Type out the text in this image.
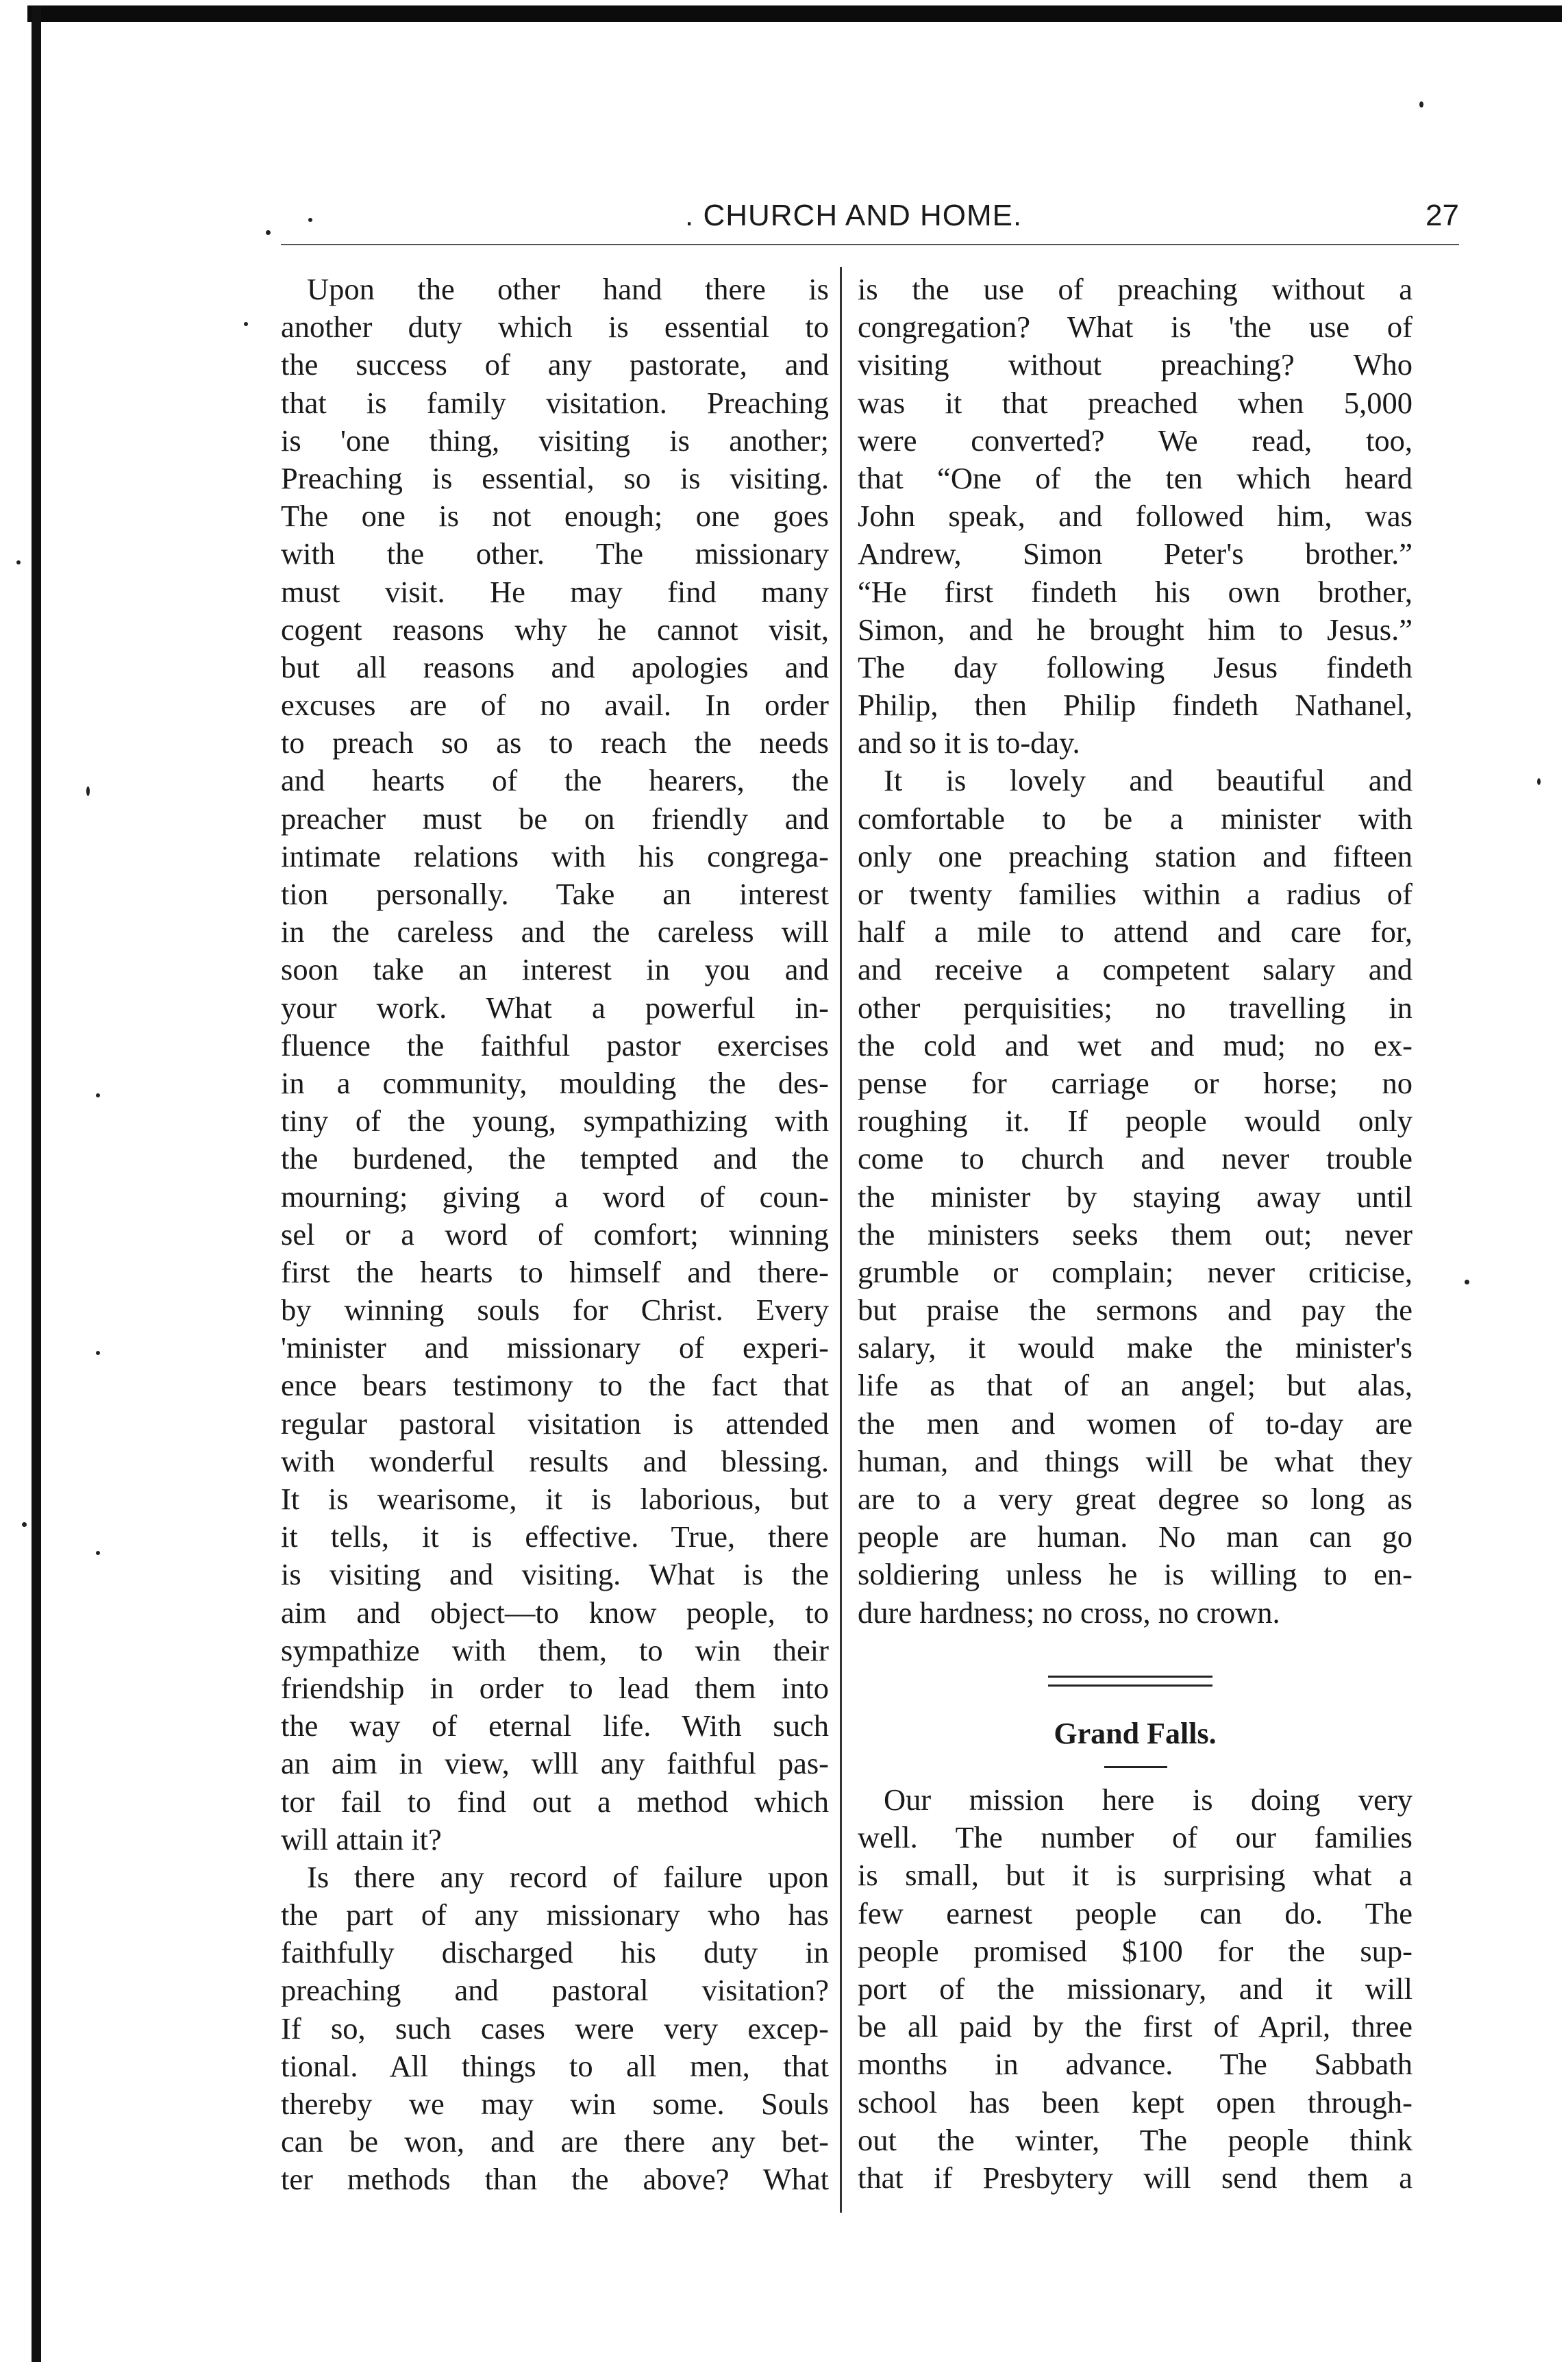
. CHURCH AND HOME.	27
Upon the other hand there is
another duty which is essential to
the success of any pastorate, and
that is family visitation. Preaching
is 'one thing, visiting is another;
Preaching is essential, so is visiting.
The one is not enough; one goes
with the other. The missionary
must visit. He may find many
cogent reasons why he cannot visit,
but all reasons and apologies and
excuses are of no avail. In order
to preach so as to reach the needs
and hearts of the hearers, the
preacher must be on friendly and
intimate relations with his congrega-
tion personally. Take an interest
in the careless and the careless will
soon take an interest in you and
your work. What a powerful in-
fluence the faithful pastor exercises
in a community, moulding the des-
tiny of the young, sympathizing with
the burdened, the tempted and the
mourning; giving a word of coun-
sel or a word of comfort; winning
first the hearts to himself and there-
by winning souls for Christ. Every
'minister and missionary of experi-
ence bears testimony to the fact that
regular pastoral visitation is attended
with wonderful results and blessing.
It is wearisome, it is laborious, but
it tells, it is effective. True, there
is visiting and visiting. What is the
aim and object—to know people, to
sympathize with them, to win their
friendship in order to lead them into
the way of eternal life. With such
an aim in view, wlll any faithful pas-
tor fail to find out a method which
will attain it?
Is there any record of failure upon
the part of any missionary who has
faithfully discharged his duty in
preaching and pastoral visitation?
If so, such cases were very excep-
tional. All things to all men, that
thereby we may win some. Souls
can be won, and are there any bet-
ter methods than the above? What
is the use of preaching without a
congregation? What is 'the use of
visiting without preaching? Who
was it that preached when 5,000
were converted? We read, too,
that “One of the ten which heard
John speak, and followed him, was
Andrew, Simon Peter's brother.”
“He first findeth his own brother,
Simon, and he brought him to Jesus.”
The day following Jesus findeth
Philip, then Philip findeth Nathanel,
and so it is to-day.
It is lovely and beautiful and
comfortable to be a minister with
only one preaching station and fifteen
or twenty families within a radius of
half a mile to attend and care for,
and receive a competent salary and
other perquisities; no travelling in
the cold and wet and mud; no ex-
pense for carriage or horse; no
roughing it. If people would only
come to church and never trouble
the minister by staying away until
the ministers seeks them out; never
grumble or complain; never criticise,
but praise the sermons and pay the
salary, it would make the minister's
life as that of an angel; but alas,
the men and women of to-day are
human, and things will be what they
are to a very great degree so long as
people are human. No man can go
soldiering unless he is willing to en-
dure hardness; no cross, no crown.
Grand Falls.
Our mission here is doing very
well. The number of our families
is small, but it is surprising what a
few earnest people can do. The
people promised $100 for the sup-
port of the missionary, and it will
be all paid by the first of April, three
months in advance. The Sabbath
school has been kept open through-
out the winter, The people think
that if Presbytery will send them a
